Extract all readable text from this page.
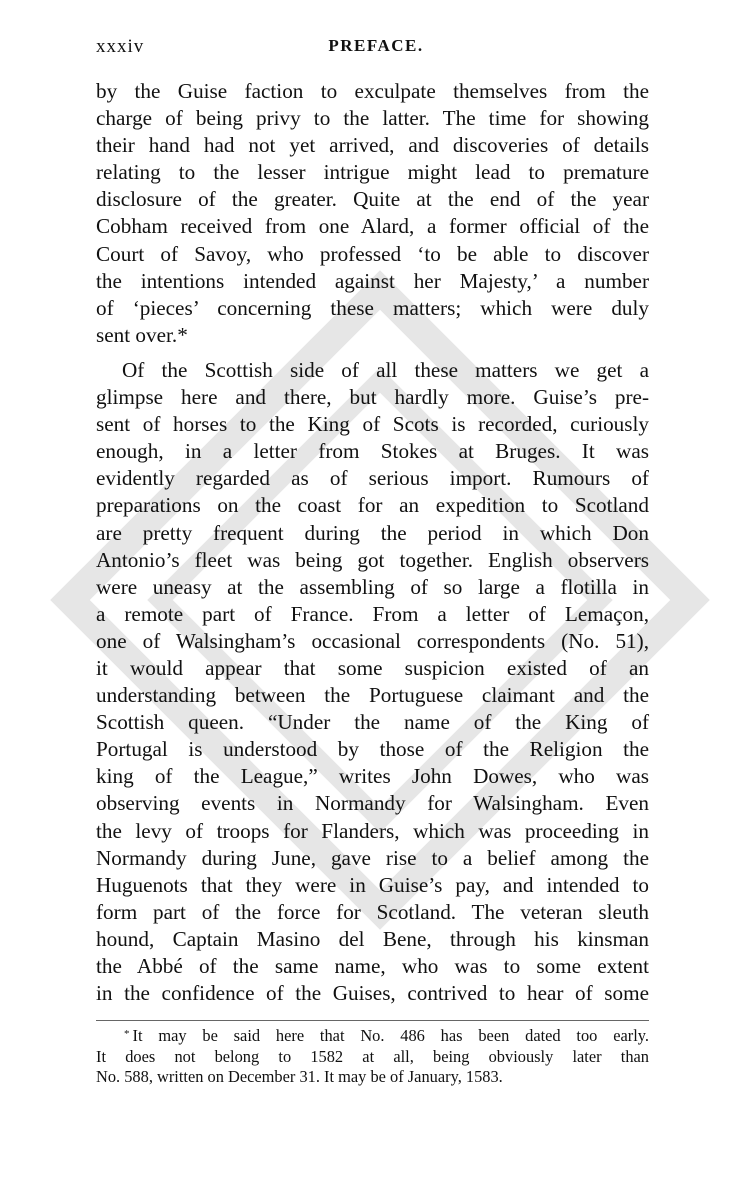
xxxiv	PREFACE.
by the Guise faction to exculpate themselves from the
charge of being privy to the latter. The time for showing
their hand had not yet arrived, and discoveries of details
relating to the lesser intrigue might lead to premature
disclosure of the greater. Quite at the end of the year
Cobham received from one Alard, a former official of the
Court of Savoy, who professed ‘to be able to discover
the intentions intended against her Majesty,’ a number
of ‘pieces’ concerning these matters; which were duly
sent over.*
Of the Scottish side of all these matters we get a
glimpse here and there, but hardly more. Guise’s pre-
sent of horses to the King of Scots is recorded, curiously
enough, in a letter from Stokes at Bruges. It was
evidently regarded as of serious import. Rumours of
preparations on the coast for an expedition to Scotland
are pretty frequent during the period in which Don
Antonio’s fleet was being got together. English observers
were uneasy at the assembling of so large a flotilla in
a remote part of France. From a letter of Lemaçon,
one of Walsingham’s occasional correspondents (No. 51),
it would appear that some suspicion existed of an
understanding between the Portuguese claimant and the
Scottish queen. “Under the name of the King of
Portugal is understood by those of the Religion the
king of the League,” writes John Dowes, who was
observing events in Normandy for Walsingham. Even
the levy of troops for Flanders, which was proceeding in
Normandy during June, gave rise to a belief among the
Huguenots that they were in Guise’s pay, and intended to
form part of the force for Scotland. The veteran sleuth
hound, Captain Masino del Bene, through his kinsman
the Abbé of the same name, who was to some extent
in the confidence of the Guises, contrived to hear of some
* It may be said here that No. 486 has been dated too early.
It does not belong to 1582 at all, being obviously later than
No. 588, written on December 31. It may be of January, 1583.
